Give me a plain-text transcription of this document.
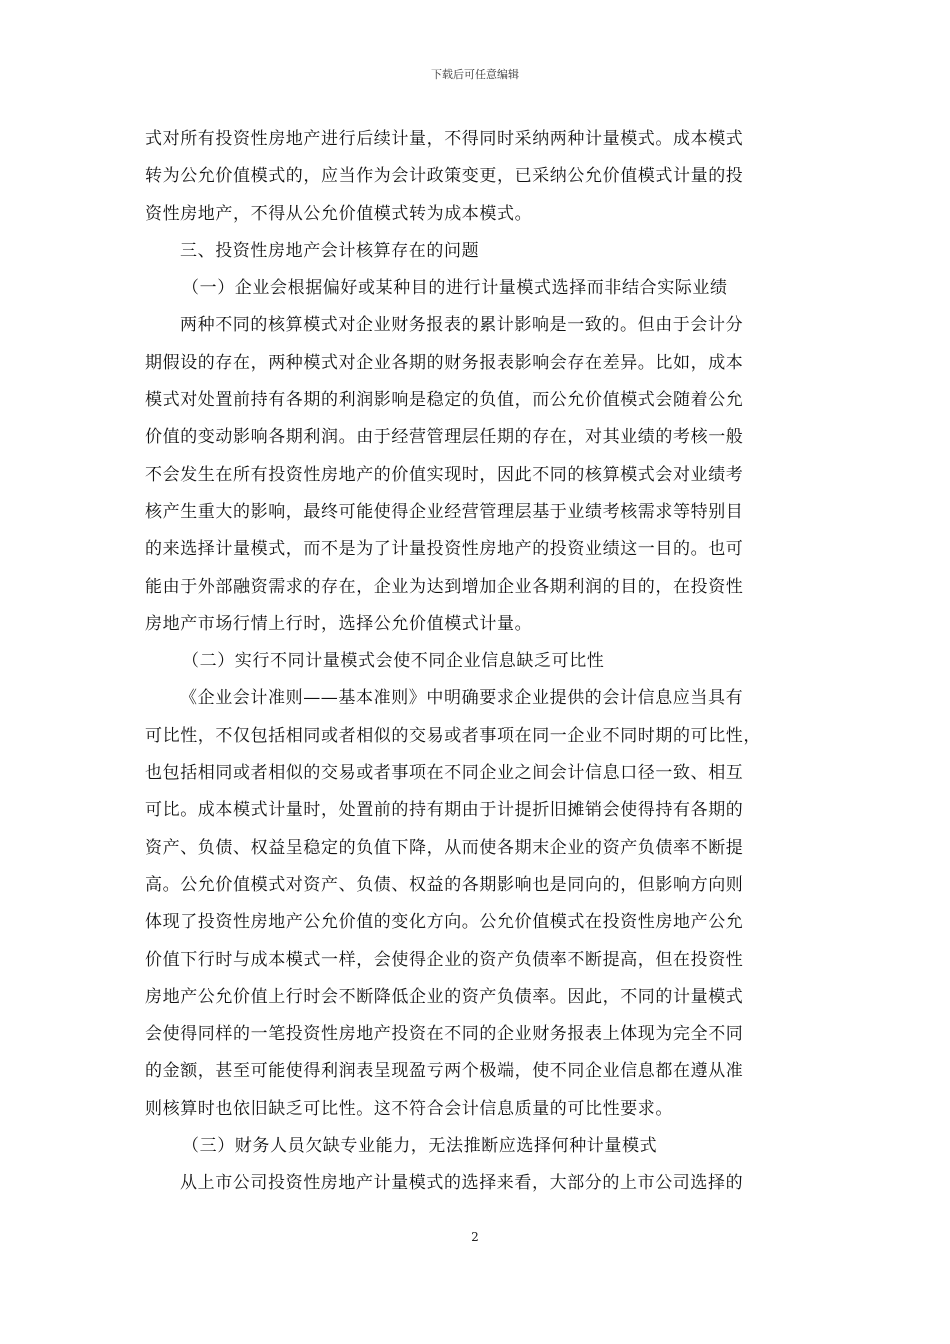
下载后可任意编辑
式对所有投资性房地产进行后续计量，不得同时采纳两种计量模式。成本模式
转为公允价值模式的，应当作为会计政策变更，已采纳公允价值模式计量的投
资性房地产，不得从公允价值模式转为成本模式。
三、投资性房地产会计核算存在的问题
（一）企业会根据偏好或某种目的进行计量模式选择而非结合实际业绩
两种不同的核算模式对企业财务报表的累计影响是一致的。但由于会计分
期假设的存在，两种模式对企业各期的财务报表影响会存在差异。比如，成本
模式对处置前持有各期的利润影响是稳定的负值，而公允价值模式会随着公允
价值的变动影响各期利润。由于经营管理层任期的存在，对其业绩的考核一般
不会发生在所有投资性房地产的价值实现时，因此不同的核算模式会对业绩考
核产生重大的影响，最终可能使得企业经营管理层基于业绩考核需求等特别目
的来选择计量模式，而不是为了计量投资性房地产的投资业绩这一目的。也可
能由于外部融资需求的存在，企业为达到增加企业各期利润的目的，在投资性
房地产市场行情上行时，选择公允价值模式计量。
（二）实行不同计量模式会使不同企业信息缺乏可比性
《企业会计准则——基本准则》中明确要求企业提供的会计信息应当具有
可比性，不仅包括相同或者相似的交易或者事项在同一企业不同时期的可比性，
也包括相同或者相似的交易或者事项在不同企业之间会计信息口径一致、相互
可比。成本模式计量时，处置前的持有期由于计提折旧摊销会使得持有各期的
资产、负债、权益呈稳定的负值下降，从而使各期末企业的资产负债率不断提
高。公允价值模式对资产、负债、权益的各期影响也是同向的，但影响方向则
体现了投资性房地产公允价值的变化方向。公允价值模式在投资性房地产公允
价值下行时与成本模式一样，会使得企业的资产负债率不断提高，但在投资性
房地产公允价值上行时会不断降低企业的资产负债率。因此，不同的计量模式
会使得同样的一笔投资性房地产投资在不同的企业财务报表上体现为完全不同
的金额，甚至可能使得利润表呈现盈亏两个极端，使不同企业信息都在遵从准
则核算时也依旧缺乏可比性。这不符合会计信息质量的可比性要求。
（三）财务人员欠缺专业能力，无法推断应选择何种计量模式
从上市公司投资性房地产计量模式的选择来看，大部分的上市公司选择的
2
